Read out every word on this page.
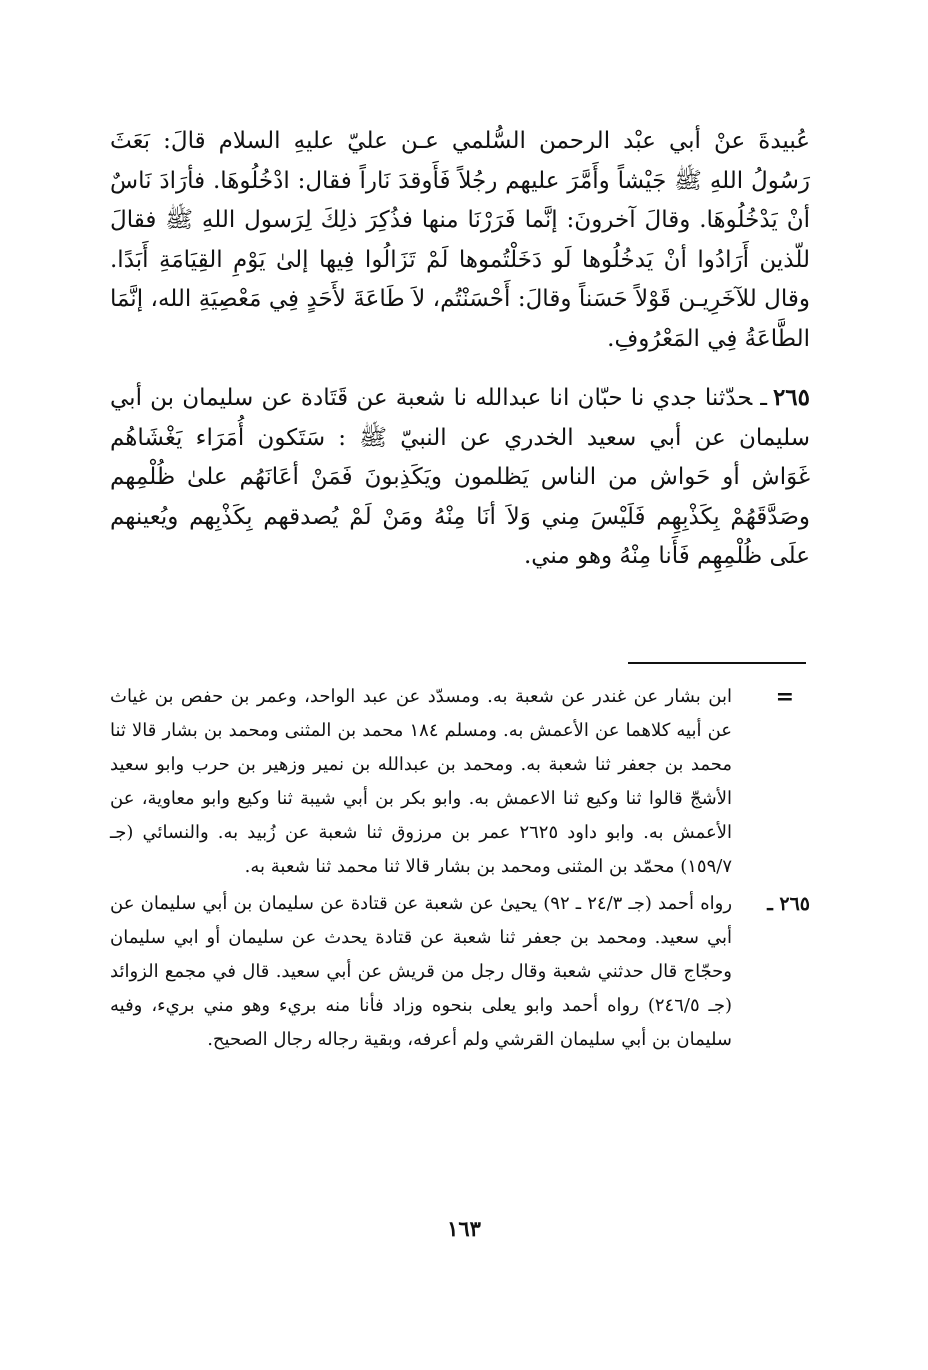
عُبيدةَ عنْ أبي عبْد الرحمن السُّلمي عـن عليّ عليهِ السلام قالَ: بَعَثَ رَسُولُ اللهِ ﷺ جَيْشاً وأَمَّرَ عليهم رجُلاً فَأَوقدَ نَاراً فقال: ادْخُلُوهَا. فأرَادَ نَاسٌ أنْ يَدْخُلُوهَا. وقالَ آخرونَ: إنَّما فَرَرْنَا منها فذُكِرَ ذلِكَ لِرَسول اللهِ ﷺ فقالَ للّذين أَرَادُوا أنْ يَدخُلُوها لَو دَخَلْتُموها لَمْ تَزَالُوا فِيها إلىٰ يَوْمِ القِيَامَةِ أَبَدًا. وقال للآخَرِيـن قَوْلاً حَسَناً وقالَ: أَحْسَنْتُم، لاَ طَاعَةَ لأَحَدٍ فِي مَعْصِيَةِ الله، إنَّمَا الطَّاعَةُ فِي المَعْرُوفِ.

٢٦٥ـحدّثنا جدي نا حبّان انا عبدالله نا شعبة عن قَتَادة عن سليمان بن أبي سليمان عن أبي سعيد الخدري عن النبيّ ﷺ : سَتَكون أُمَرَاء يَغْشَاهُم غَوَاش أو حَواش من الناس يَظلمون ويَكَذِبونَ فَمَنْ أعَانَهُم علىٰ ظُلْمِهم وصَدَّقَهُمْ بِكَذْبِهِم فَلَيْسَ مِني وَلاَ أنَا مِنْهُ ومَنْ لَمْ يُصدقهم بِكَذْبِهم ويُعينهم علَى ظُلْمِهِم فَأَنا مِنْهُ وهو مني.

=
ابن بشار عن غندر عن شعبة به. ومسدّد عن عبد الواحد، وعمر بن حفص بن غياث عن أبيه كلاهما عن الأعمش به. ومسلم ١٨٤ محمد بن المثنى ومحمد بن بشار قالا ثنا محمد بن جعفر ثنا شعبة به. ومحمد بن عبدالله بن نمير وزهير بن حرب وابو سعيد الأشجّ قالوا ثنا وكيع ثنا الاعمش به. وابو بكر بن أبي شيبة ثنا وكيع وابو معاوية، عن الأعمش به. وابو داود ٢٦٢٥ عمر بن مرزوق ثنا شعبة عن زُبيد به. والنسائي (جـ ١٥٩/٧) محمّد بن المثنى ومحمد بن بشار قالا ثنا محمد ثنا شعبة به.
٢٦٥ ـ
رواه أحمد (جـ ٢٤/٣ ـ ٩٢) يحيىٰ عن شعبة عن قتادة عن سليمان بن أبي سليمان عن أبي سعيد. ومحمد بن جعفر ثنا شعبة عن قتادة يحدث عن سليمان أو ابي سليمان وحجّاج قال حدثني شعبة وقال رجل من قريش عن أبي سعيد. قال في مجمع الزوائد (جـ ٢٤٦/٥) رواه أحمد وابو يعلى بنحوه وزاد فأنا منه بريء وهو مني بريء، وفيه سليمان بن أبي سليمان القرشي ولم أعرفه، وبقية رجاله رجال الصحيح.
١٦٣
